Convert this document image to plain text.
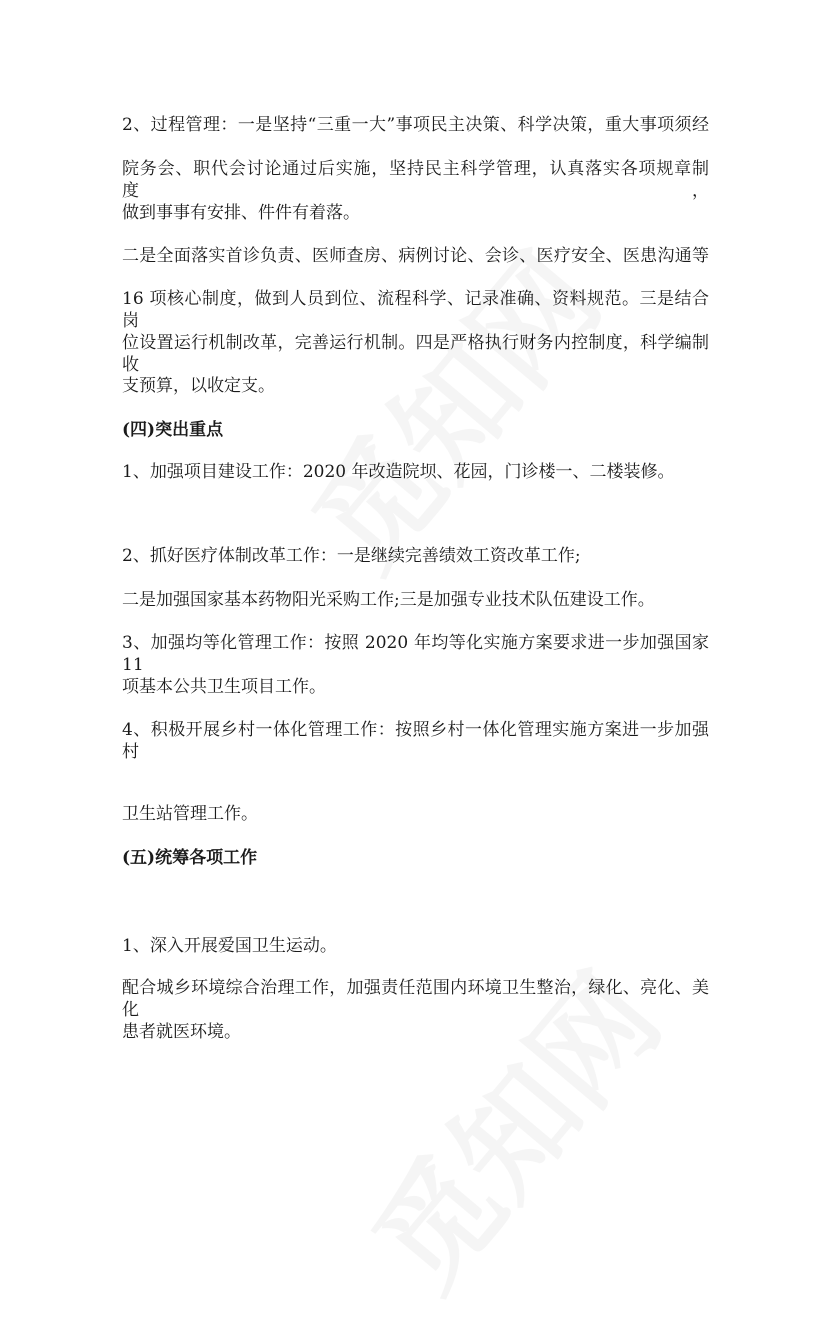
2、过程管理：一是坚持“三重一大”事项民主决策、科学决策，重大事项须经
院务会、职代会讨论通过后实施，坚持民主科学管理，认真落实各项规章制度，
做到事事有安排、件件有着落。
二是全面落实首诊负责、医师查房、病例讨论、会诊、医疗安全、医患沟通等
16 项核心制度，做到人员到位、流程科学、记录准确、资料规范。三是结合岗
位设置运行机制改革，完善运行机制。四是严格执行财务内控制度，科学编制收
支预算，以收定支。
(四)突出重点
1、加强项目建设工作：2020 年改造院坝、花园，门诊楼一、二楼装修。
2、抓好医疗体制改革工作：一是继续完善绩效工资改革工作;
二是加强国家基本药物阳光采购工作;三是加强专业技术队伍建设工作。
3、加强均等化管理工作：按照 2020 年均等化实施方案要求进一步加强国家 11
项基本公共卫生项目工作。
4、积极开展乡村一体化管理工作：按照乡村一体化管理实施方案进一步加强村
卫生站管理工作。
(五)统筹各项工作
1、深入开展爱国卫生运动。
配合城乡环境综合治理工作，加强责任范围内环境卫生整治，绿化、亮化、美化
患者就医环境。
